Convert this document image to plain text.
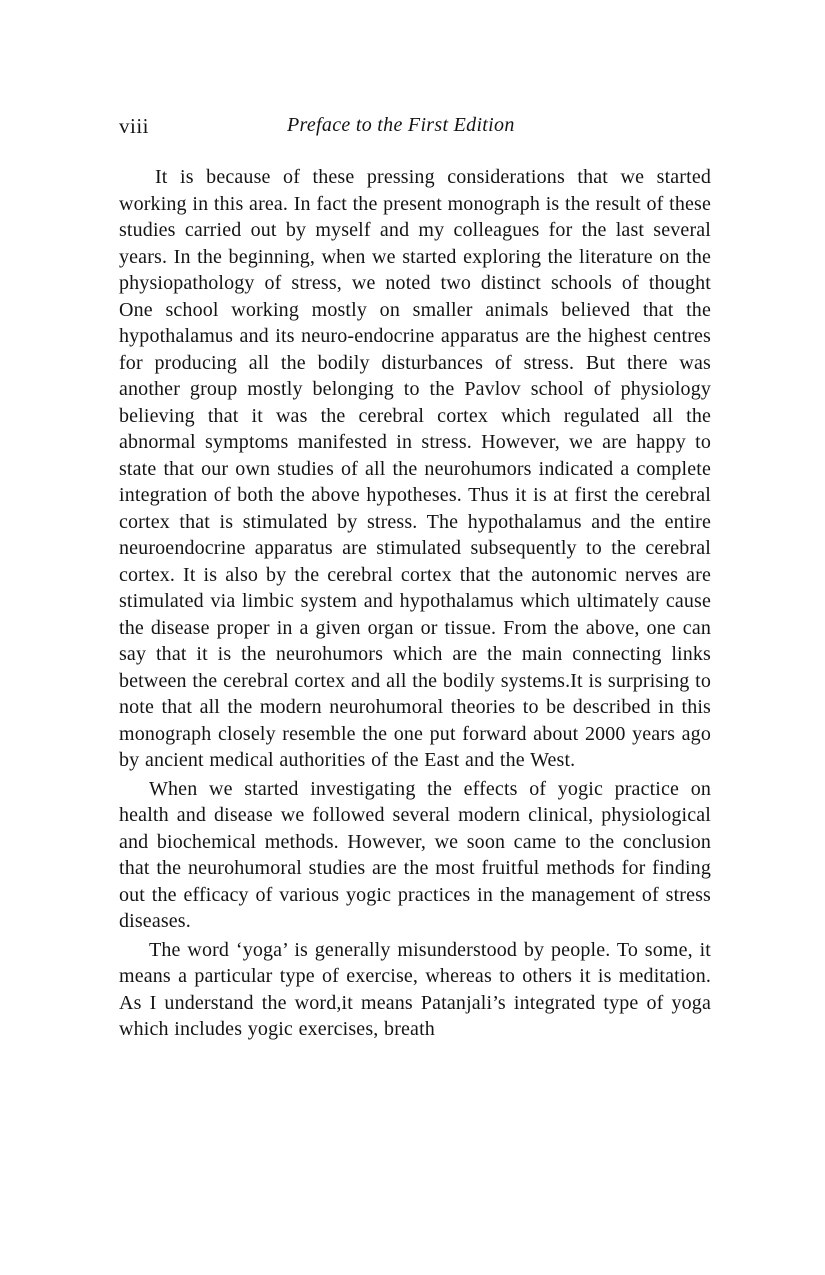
viii	Preface to the First Edition

It is because of these pressing considerations that we started working in this area. In fact the present monograph is the result of these studies carried out by myself and my colleagues for the last several years. In the beginning, when we started exploring the literature on the physiopathology of stress, we noted two distinct schools of thought One school working mostly on smaller animals believed that the hypothalamus and its neuro-endocrine apparatus are the highest centres for producing all the bodily disturbances of stress. But there was another group mostly belonging to the Pavlov school of physiology believing that it was the cerebral cortex which regulated all the abnormal symptoms manifested in stress. However, we are happy to state that our own studies of all the neurohumors indicated a complete integration of both the above hypotheses. Thus it is at first the cerebral cortex that is stimulated by stress. The hypothalamus and the entire neuroendocrine apparatus are stimulated subsequently to the cerebral cortex. It is also by the cerebral cortex that the autonomic nerves are stimulated via limbic system and hypothalamus which ultimately cause the disease proper in a given organ or tissue. From the above, one can say that it is the neurohumors which are the main connecting links between the cerebral cortex and all the bodily systems.It is surprising to note that all the modern neurohumoral theories to be described in this monograph closely resemble the one put forward about 2000 years ago by ancient medical authorities of the East and the West.

When we started investigating the effects of yogic practice on health and disease we followed several modern clinical, physiological and biochemical methods. However, we soon came to the conclusion that the neurohumoral studies are the most fruitful methods for finding out the efficacy of various yogic practices in the management of stress diseases.

The word ‘yoga’ is generally misunderstood by people. To some, it means a particular type of exercise, whereas to others it is meditation. As I understand the word,it means Patanjali’s integrated type of yoga which includes yogic exercises, breath
